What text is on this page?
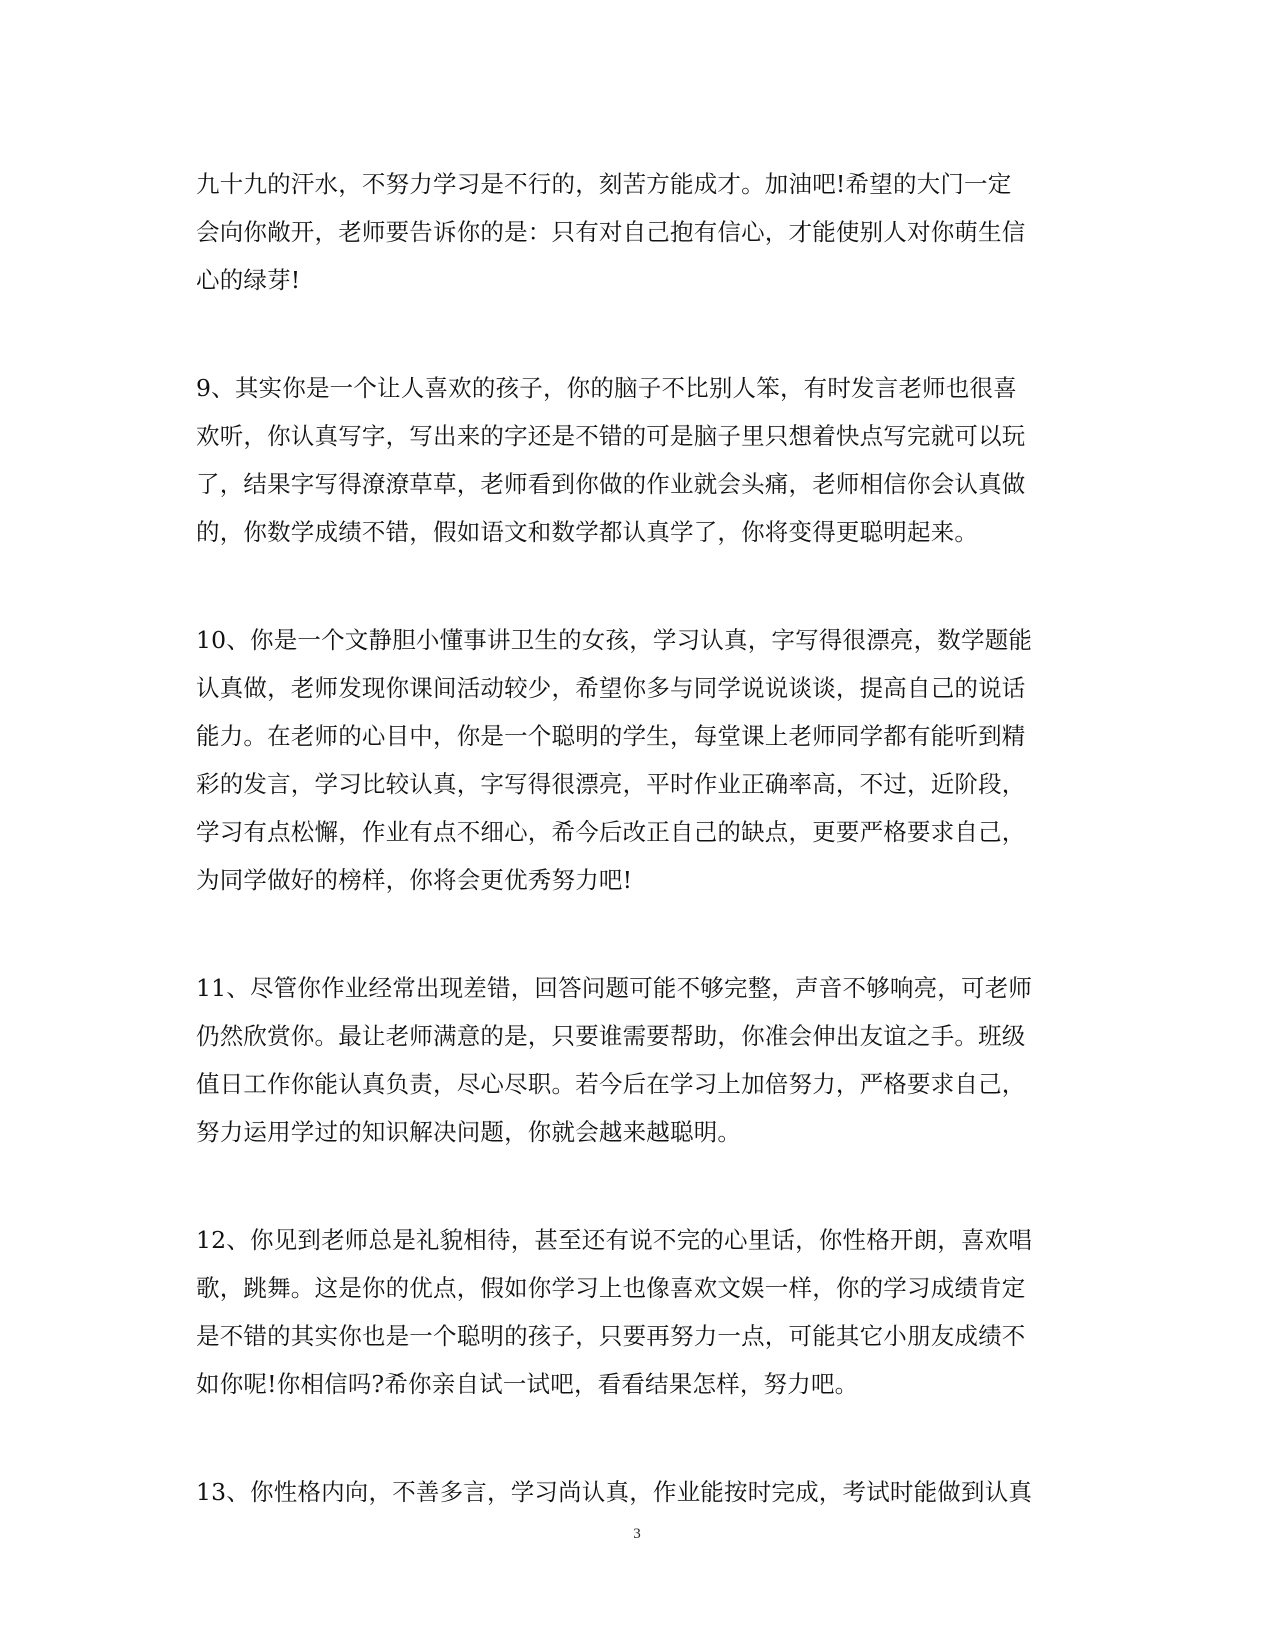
九十九的汗水，不努力学习是不行的，刻苦方能成才。加油吧!希望的大门一定
会向你敞开，老师要告诉你的是：只有对自己抱有信心，才能使别人对你萌生信
心的绿芽!
9、其实你是一个让人喜欢的孩子，你的脑子不比别人笨，有时发言老师也很喜
欢听，你认真写字，写出来的字还是不错的可是脑子里只想着快点写完就可以玩
了，结果字写得潦潦草草，老师看到你做的作业就会头痛，老师相信你会认真做
的，你数学成绩不错，假如语文和数学都认真学了，你将变得更聪明起来。
10、你是一个文静胆小懂事讲卫生的女孩，学习认真，字写得很漂亮，数学题能
认真做，老师发现你课间活动较少，希望你多与同学说说谈谈，提高自己的说话
能力。在老师的心目中，你是一个聪明的学生，每堂课上老师同学都有能听到精
彩的发言，学习比较认真，字写得很漂亮，平时作业正确率高，不过，近阶段，
学习有点松懈，作业有点不细心，希今后改正自己的缺点，更要严格要求自己，
为同学做好的榜样，你将会更优秀努力吧!
11、尽管你作业经常出现差错，回答问题可能不够完整，声音不够响亮，可老师
仍然欣赏你。最让老师满意的是，只要谁需要帮助，你准会伸出友谊之手。班级
值日工作你能认真负责，尽心尽职。若今后在学习上加倍努力，严格要求自己，
努力运用学过的知识解决问题，你就会越来越聪明。
12、你见到老师总是礼貌相待，甚至还有说不完的心里话，你性格开朗，喜欢唱
歌，跳舞。这是你的优点，假如你学习上也像喜欢文娱一样，你的学习成绩肯定
是不错的其实你也是一个聪明的孩子，只要再努力一点，可能其它小朋友成绩不
如你呢!你相信吗?希你亲自试一试吧，看看结果怎样，努力吧。
13、你性格内向，不善多言，学习尚认真，作业能按时完成，考试时能做到认真
3
